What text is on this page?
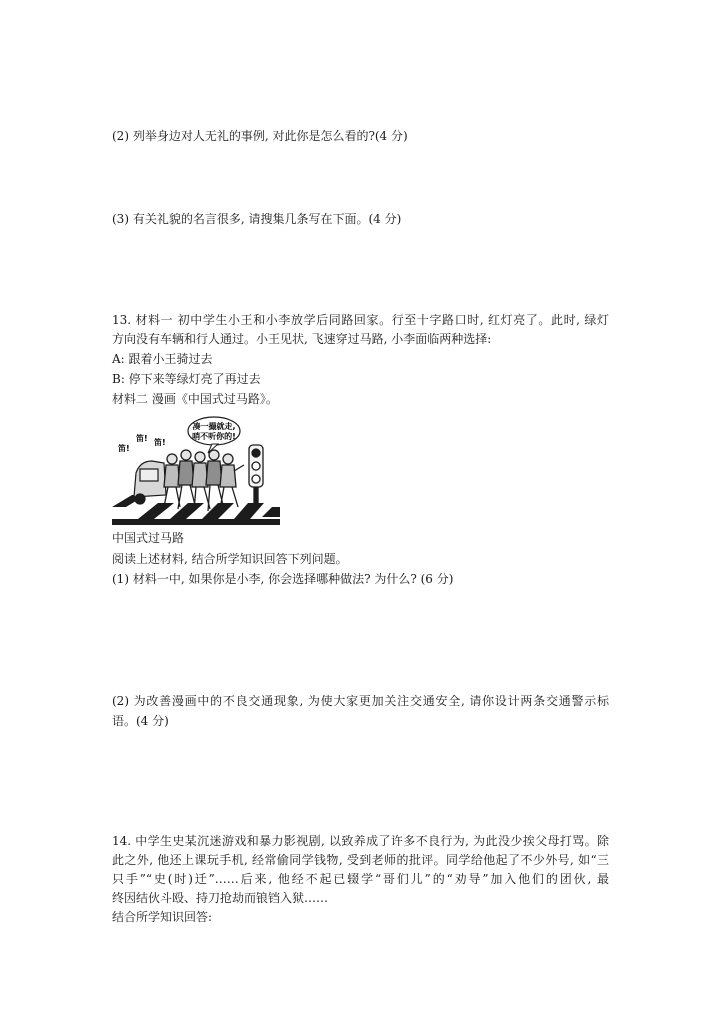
(2) 列举身边对人无礼的事例, 对此你是怎么看的?(4 分)
(3) 有关礼貌的名言很多, 请搜集几条写在下面。(4 分)
13. 材料一 初中学生小王和小李放学后同路回家。行至十字路口时, 红灯亮了。此时, 绿灯
方向没有车辆和行人通过。小王见状, 飞速穿过马路, 小李面临两种选择:
A: 跟着小王骑过去
B: 停下来等绿灯亮了再过去
材料二 漫画《中国式过马路》。
凑一撮就走,
哨不听你的!
笛!
笛! 笛!
中国式过马路
阅读上述材料, 结合所学知识回答下列问题。
(1) 材料一中, 如果你是小李, 你会选择哪种做法? 为什么? (6 分)
(2) 为改善漫画中的不良交通现象, 为使大家更加关注交通安全, 请你设计两条交通警示标
语。(4 分)
14. 中学生史某沉迷游戏和暴力影视剧, 以致养成了许多不良行为, 为此没少挨父母打骂。除
此之外, 他还上课玩手机, 经常偷同学钱物, 受到老师的批评。同学给他起了不少外号, 如“三
只手”“史(时)迁”……后来, 他经不起已辍学“哥们儿”的“劝导”加入他们的团伙, 最
终因结伙斗殴、持刀抢劫而锒铛入狱……
结合所学知识回答:
